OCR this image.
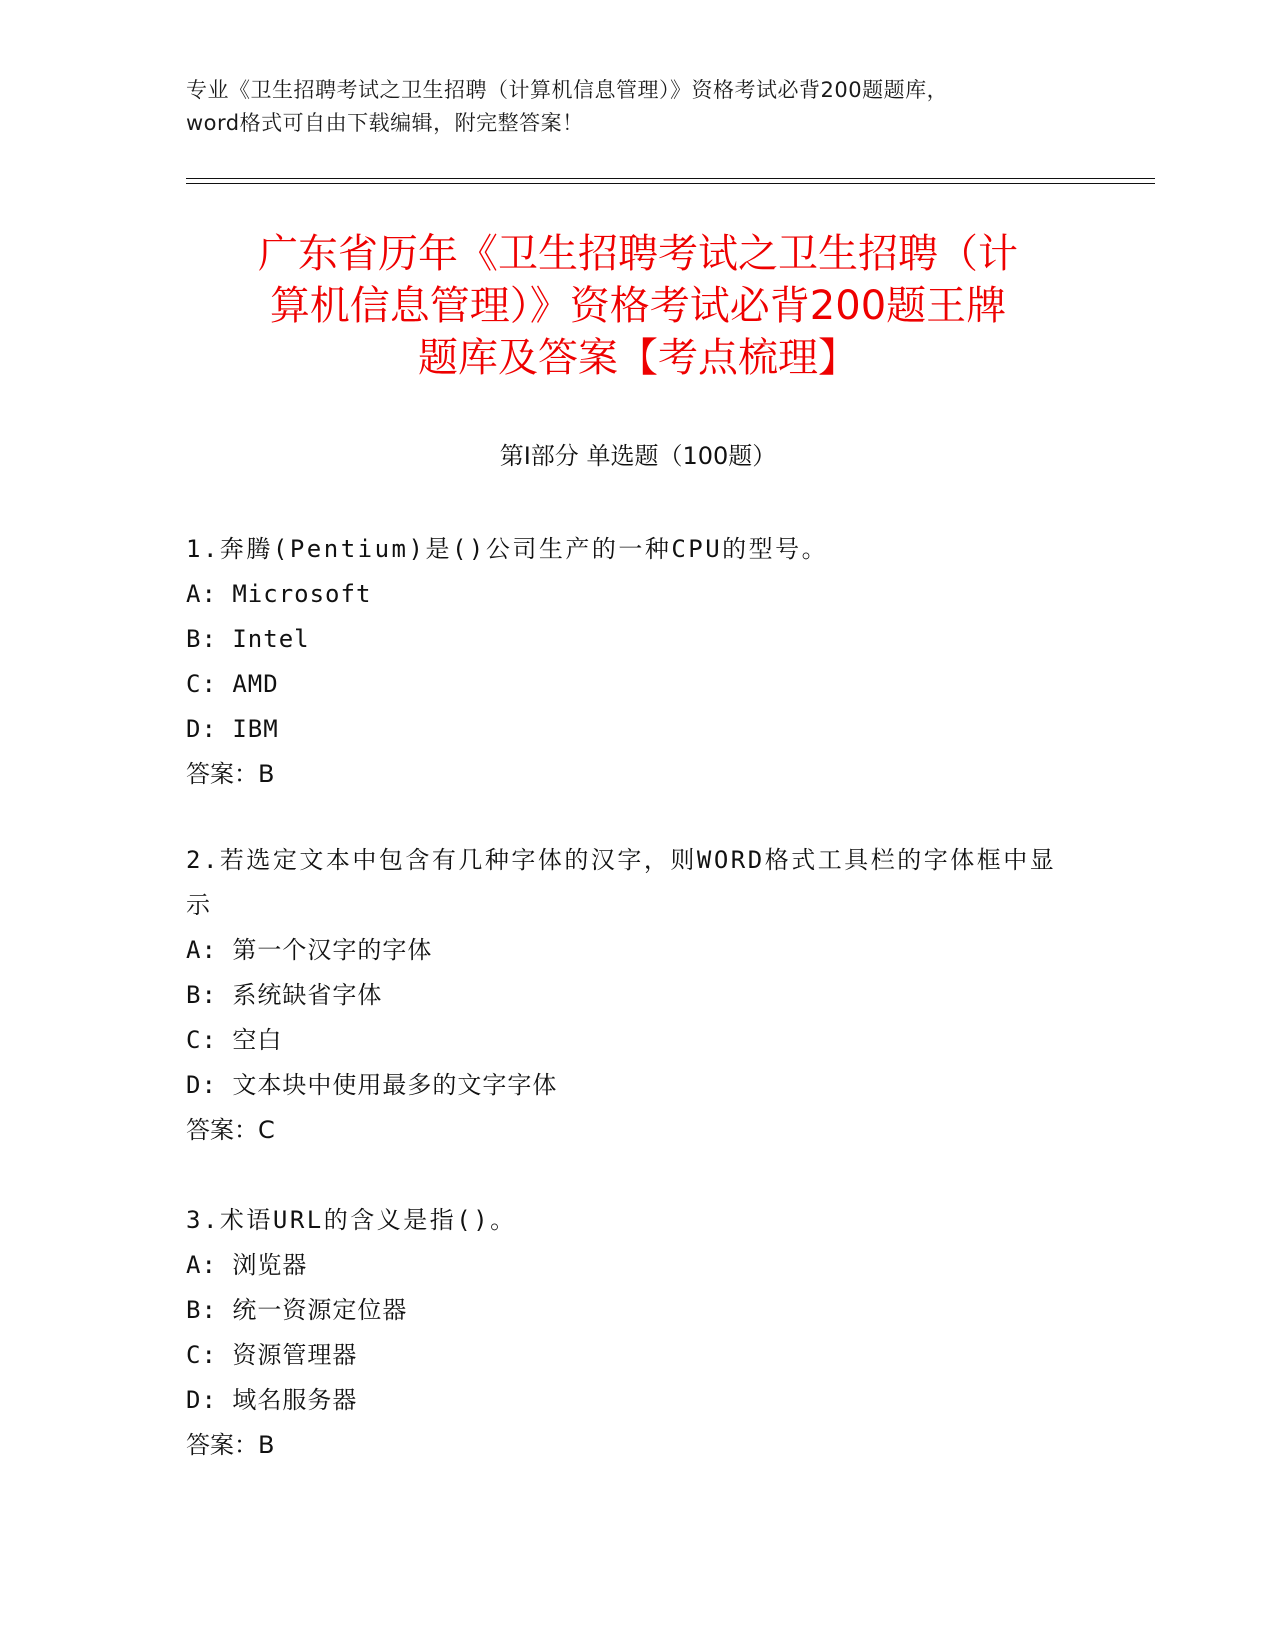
专业《卫生招聘考试之卫生招聘（计算机信息管理）》资格考试必背200题题库，
word格式可自由下载编辑，附完整答案！
广东省历年《卫生招聘考试之卫生招聘（计
算机信息管理）》资格考试必背200题王牌
题库及答案【考点梳理】
第Ⅰ部分 单选题（100题）
1.奔腾(Pentium)是()公司生产的一种CPU的型号。
A: Microsoft
B: Intel
C: AMD
D: IBM
答案：B
2.若选定文本中包含有几种字体的汉字，则WORD格式工具栏的字体框中显示
A: 第一个汉字的字体
B: 系统缺省字体
C: 空白
D: 文本块中使用最多的文字字体
答案：C
3.术语URL的含义是指()。
A: 浏览器
B: 统一资源定位器
C: 资源管理器
D: 域名服务器
答案：B
